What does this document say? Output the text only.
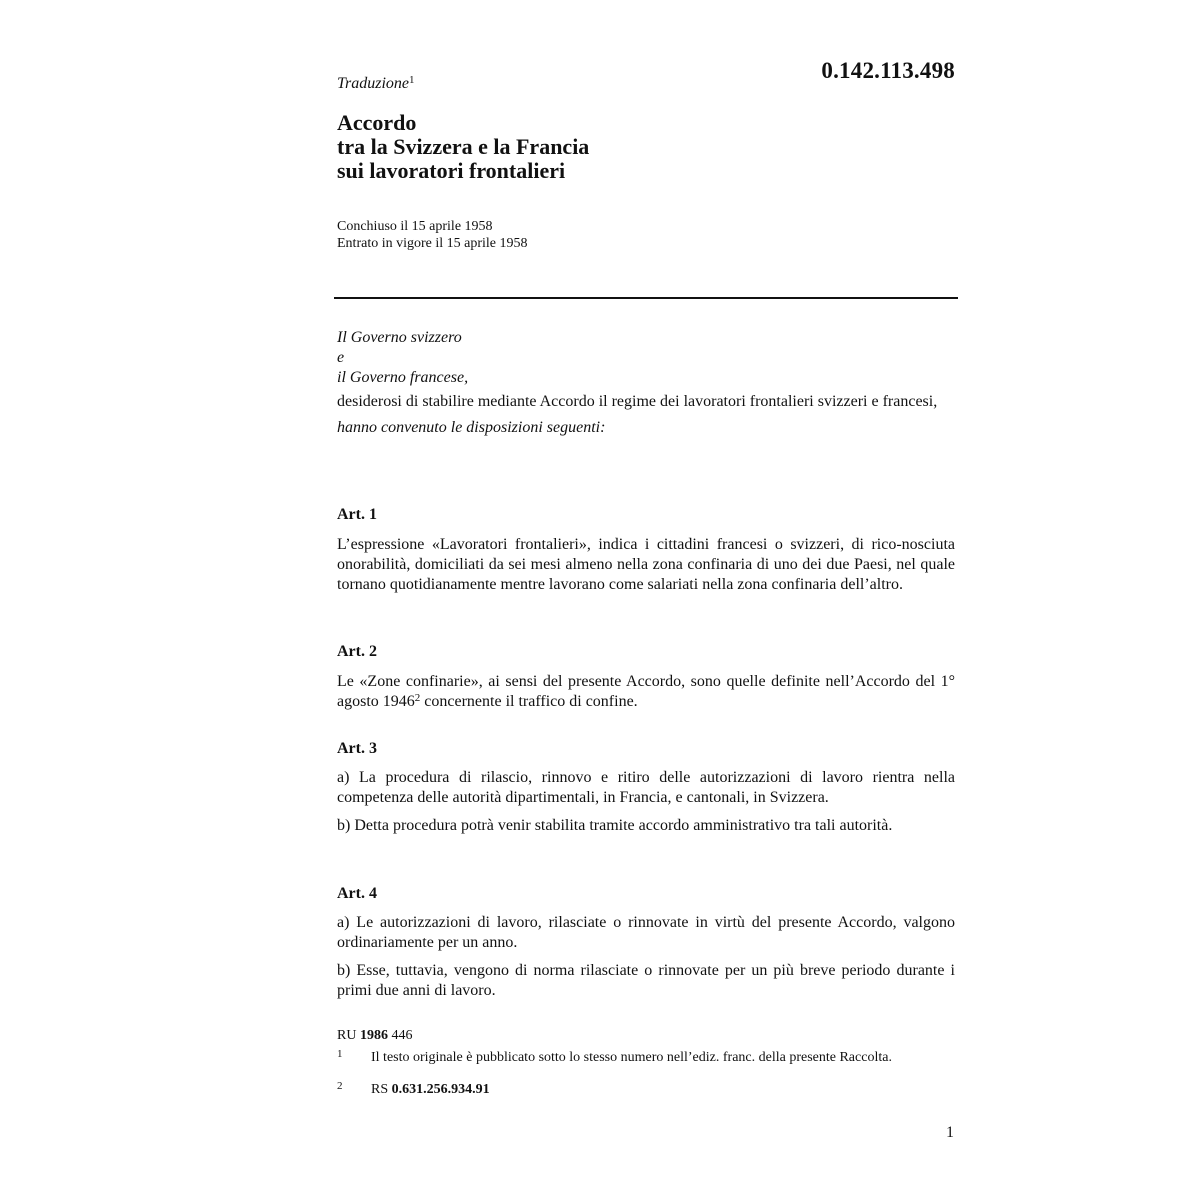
0.142.113.498
Traduzione$^1$
Accordo
tra la Svizzera e la Francia
sui lavoratori frontalieri
Conchiuso il 15 aprile 1958
Entrato in vigore il 15 aprile 1958
Il Governo svizzero
e
il Governo francese,
desiderosi di stabilire mediante Accordo il regime dei lavoratori frontalieri svizzeri e francesi,
hanno convenuto le disposizioni seguenti:
Art. 1

L’espressione «Lavoratori frontalieri», indica i cittadini francesi o svizzeri, di rico-nosciuta onorabilità, domiciliati da sei mesi almeno nella zona confinaria di uno dei due Paesi, nel quale tornano quotidianamente mentre lavorano come salariati nella zona confinaria dell’altro.

Art. 2

Le «Zone confinarie», ai sensi del presente Accordo, sono quelle definite nell’Accordo del 1° agosto 1946$^2$ concernente il traffico di confine.

Art. 3

a) La procedura di rilascio, rinnovo e ritiro delle autorizzazioni di lavoro rientra nella competenza delle autorità dipartimentali, in Francia, e cantonali, in Svizzera.

b) Detta procedura potrà venir stabilita tramite accordo amministrativo tra tali autorità.

Art. 4

a) Le autorizzazioni di lavoro, rilasciate o rinnovate in virtù del presente Accordo, valgono ordinariamente per un anno.

b) Esse, tuttavia, vengono di norma rilasciate o rinnovate per un più breve periodo durante i primi due anni di lavoro.

RU 1986 446
1 Il testo originale è pubblicato sotto lo stesso numero nell’ediz. franc. della presente Raccolta.
2 RS 0.631.256.934.91
1
